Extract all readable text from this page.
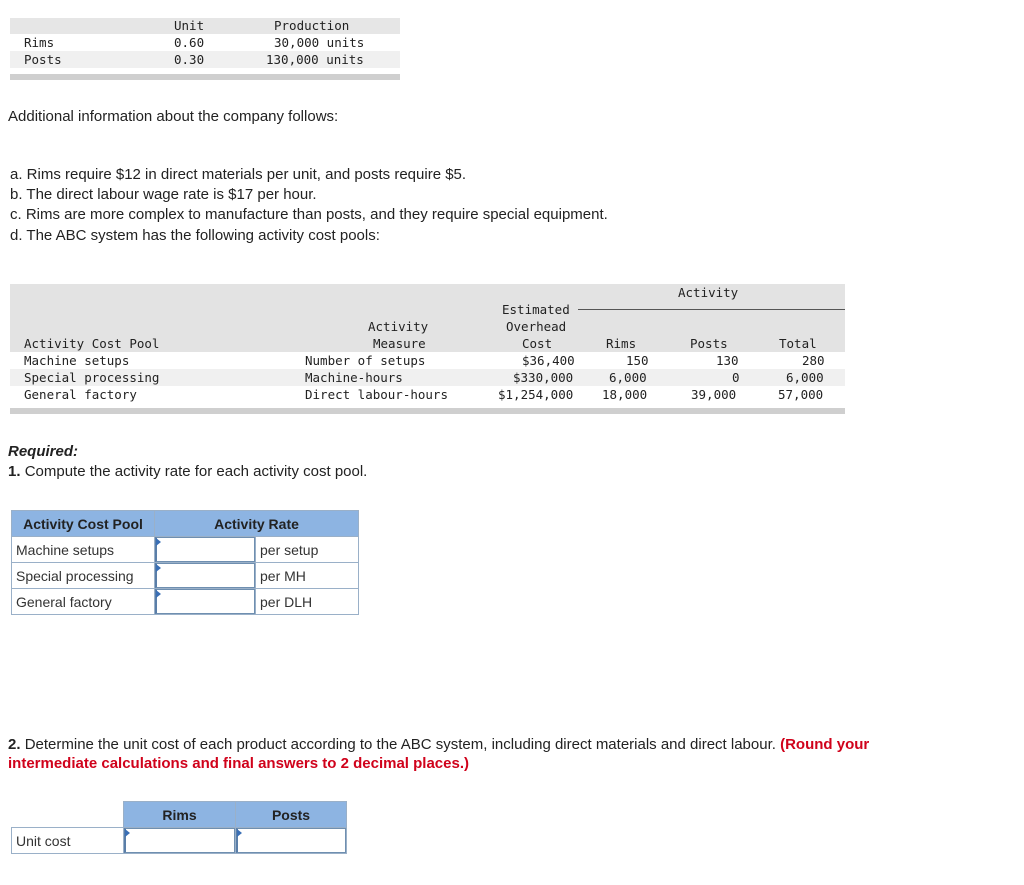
Unit	Production
Rims	0.60	30,000 units
Posts	0.30	130,000 units
Additional information about the company follows:
a. Rims require $12 in direct materials per unit, and posts require $5.
b. The direct labour wage rate is $17 per hour.
c. Rims are more complex to manufacture than posts, and they require special equipment.
d. The ABC system has the following activity cost pools:
Activity
Estimated
Overhead
Cost
Activity
Measure
Activity Cost Pool	Rims	Posts	Total
Machine setups	Number of setups	$36,400	150	130	280
Special processing	Machine-hours	$330,000	6,000	0	6,000
General factory	Direct labour-hours	$1,254,000 18,000	39,000	57,000
Required:
1. Compute the activity rate for each activity cost pool.
Activity Cost Pool	Activity Rate	
Machine setups		per setup
Special processing		per MH
General factory		per DLH
2. Determine the unit cost of each product according to the ABC system, including direct materials and direct labour. (Round your
intermediate calculations and final answers to 2 decimal places.)
	Rims	Posts
Unit cost	
